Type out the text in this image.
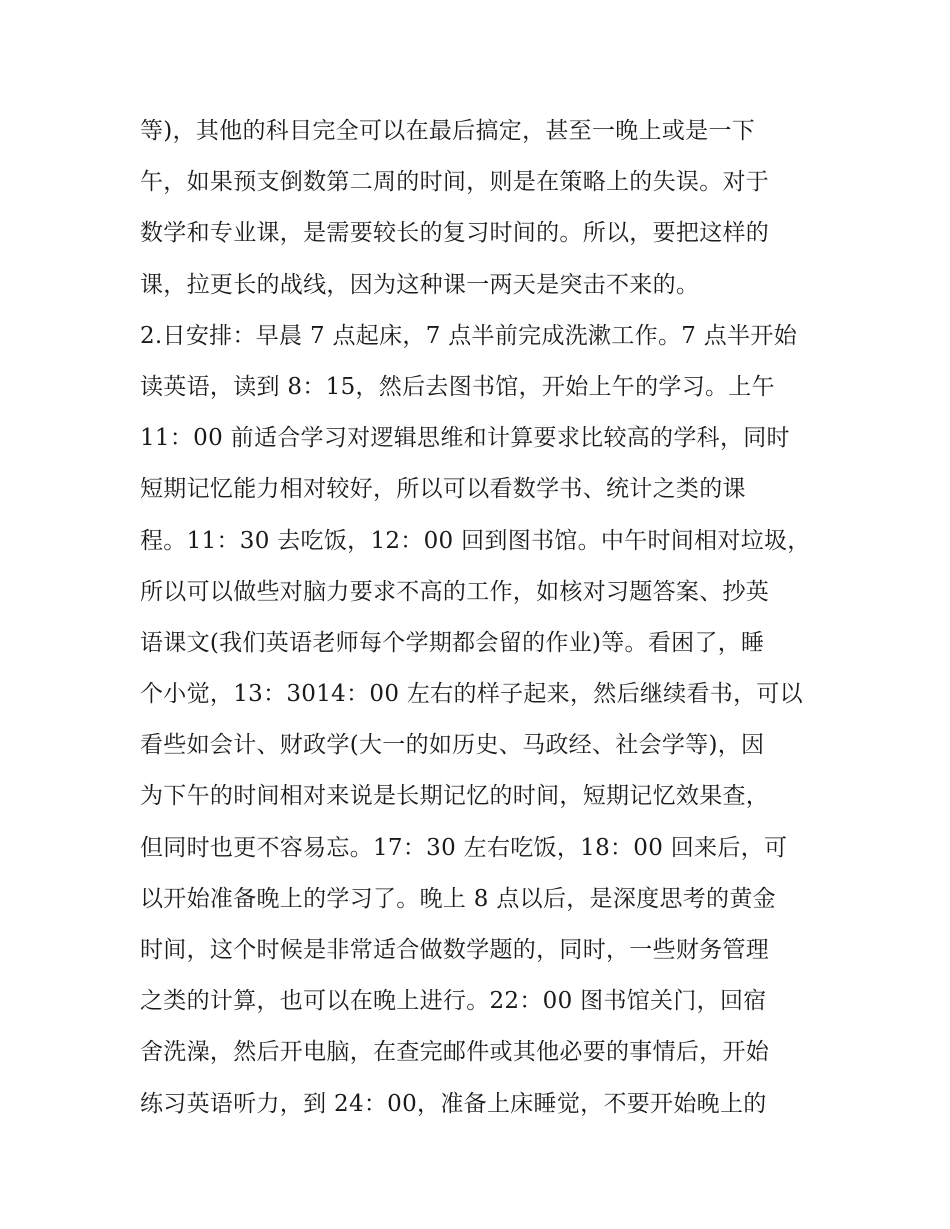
等)，其他的科目完全可以在最后搞定，甚至一晚上或是一下
午，如果预支倒数第二周的时间，则是在策略上的失误。对于
数学和专业课，是需要较长的复习时间的。所以，要把这样的
课，拉更长的战线，因为这种课一两天是突击不来的。
2.日安排：早晨 7 点起床，7 点半前完成洗漱工作。7 点半开始
读英语，读到 8：15，然后去图书馆，开始上午的学习。上午
11：00 前适合学习对逻辑思维和计算要求比较高的学科，同时
短期记忆能力相对较好，所以可以看数学书、统计之类的课
程。11：30 去吃饭，12：00 回到图书馆。中午时间相对垃圾，
所以可以做些对脑力要求不高的工作，如核对习题答案、抄英
语课文(我们英语老师每个学期都会留的作业)等。看困了，睡
个小觉，13：3014：00 左右的样子起来，然后继续看书，可以
看些如会计、财政学(大一的如历史、马政经、社会学等)，因
为下午的时间相对来说是长期记忆的时间，短期记忆效果查，
但同时也更不容易忘。17：30 左右吃饭，18：00 回来后，可
以开始准备晚上的学习了。晚上 8 点以后，是深度思考的黄金
时间，这个时候是非常适合做数学题的，同时，一些财务管理
之类的计算，也可以在晚上进行。22：00 图书馆关门，回宿
舍洗澡，然后开电脑，在查完邮件或其他必要的事情后，开始
练习英语听力，到 24：00，准备上床睡觉，不要开始晚上的
